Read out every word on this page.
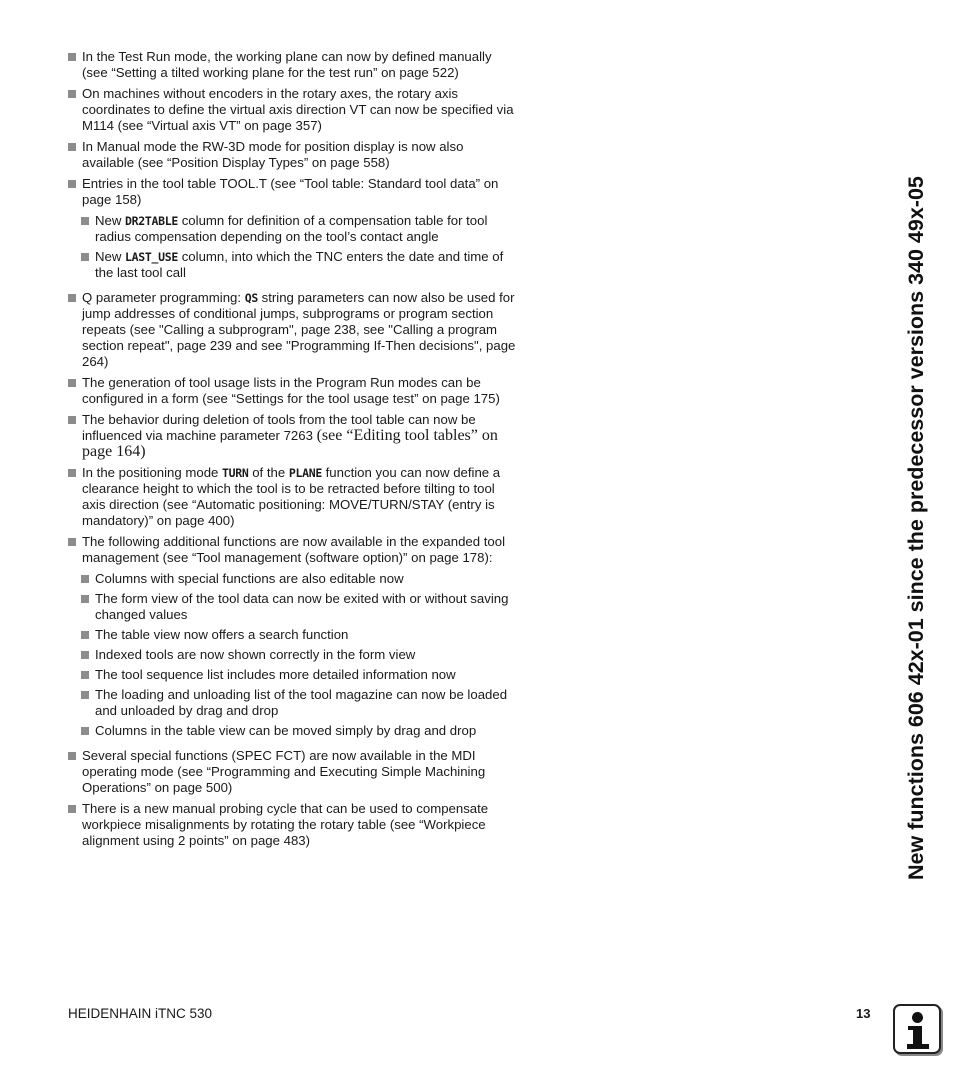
In the Test Run mode, the working plane can now by defined manually (see “Setting a tilted working plane for the test run” on page 522)
On machines without encoders in the rotary axes, the rotary axis coordinates to define the virtual axis direction VT can now be specified via M114 (see “Virtual axis VT” on page 357)
In Manual mode the RW-3D mode for position display is now also available (see “Position Display Types” on page 558)
Entries in the tool table TOOL.T (see “Tool table: Standard tool data” on page 158)
New DR2TABLE column for definition of a compensation table for tool radius compensation depending on the tool’s contact angle
New LAST_USE column, into which the TNC enters the date and time of the last tool call
Q parameter programming: QS string parameters can now also be used for jump addresses of conditional jumps, subprograms or program section repeats (see "Calling a subprogram", page 238, see "Calling a program section repeat", page 239 and see "Programming If-Then decisions", page 264)
The generation of tool usage lists in the Program Run modes can be configured in a form (see “Settings for the tool usage test” on page 175)
The behavior during deletion of tools from the tool table can now be influenced via machine parameter 7263 (see “Editing tool tables” on page 164)
In the positioning mode TURN of the PLANE function you can now define a clearance height to which the tool is to be retracted before tilting to tool axis direction (see “Automatic positioning: MOVE/TURN/STAY (entry is mandatory)” on page 400)
The following additional functions are now available in the expanded tool management (see “Tool management (software option)” on page 178):
Columns with special functions are also editable now
The form view of the tool data can now be exited with or without saving changed values
The table view now offers a search function
Indexed tools are now shown correctly in the form view
The tool sequence list includes more detailed information now
The loading and unloading list of the tool magazine can now be loaded and unloaded by drag and drop
Columns in the table view can be moved simply by drag and drop
Several special functions (SPEC FCT) are now available in the MDI operating mode (see “Programming and Executing Simple Machining Operations” on page 500)
There is a new manual probing cycle that can be used to compensate workpiece misalignments by rotating the rotary table (see “Workpiece alignment using 2 points” on page 483)	New functions 606 42x-01 since the predecessor versions 340 49x-05
HEIDENHAIN iTNC 530	13
